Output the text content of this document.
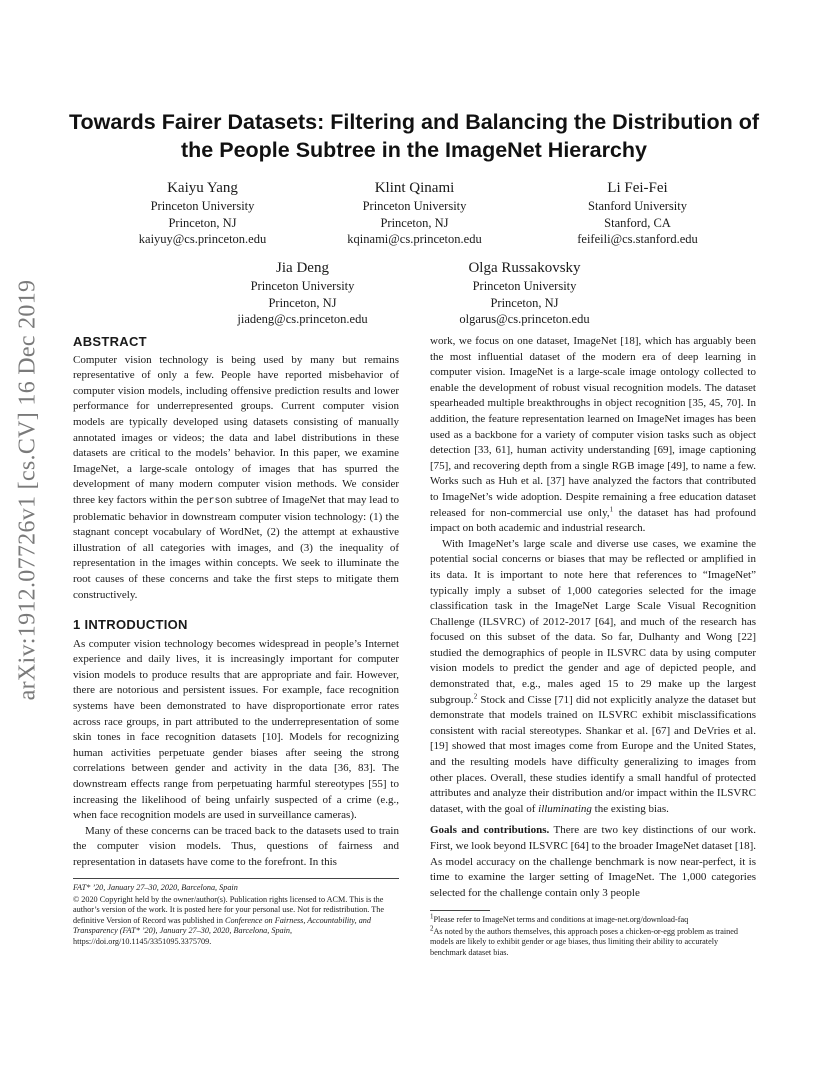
arXiv:1912.07726v1 [cs.CV] 16 Dec 2019
Towards Fairer Datasets: Filtering and Balancing the Distribution of the People Subtree in the ImageNet Hierarchy
Kaiyu Yang
Princeton University
Princeton, NJ
kaiyuy@cs.princeton.edu
Klint Qinami
Princeton University
Princeton, NJ
kqinami@cs.princeton.edu
Li Fei-Fei
Stanford University
Stanford, CA
feifeili@cs.stanford.edu
Jia Deng
Princeton University
Princeton, NJ
jiadeng@cs.princeton.edu
Olga Russakovsky
Princeton University
Princeton, NJ
olgarus@cs.princeton.edu
ABSTRACT

Computer vision technology is being used by many but remains representative of only a few. People have reported misbehavior of computer vision models, including offensive prediction results and lower performance for underrepresented groups. Current computer vision models are typically developed using datasets consisting of manually annotated images or videos; the data and label distributions in these datasets are critical to the models’ behavior. In this paper, we examine ImageNet, a large-scale ontology of images that has spurred the development of many modern computer vision methods. We consider three key factors within the person subtree of ImageNet that may lead to problematic behavior in downstream computer vision technology: (1) the stagnant concept vocabulary of WordNet, (2) the attempt at exhaustive illustration of all categories with images, and (3) the inequality of representation in the images within concepts. We seek to illuminate the root causes of these concerns and take the first steps to mitigate them constructively.

1 INTRODUCTION

As computer vision technology becomes widespread in people’s Internet experience and daily lives, it is increasingly important for computer vision models to produce results that are appropriate and fair. However, there are notorious and persistent issues. For example, face recognition systems have been demonstrated to have disproportionate error rates across race groups, in part attributed to the underrepresentation of some skin tones in face recognition datasets [10]. Models for recognizing human activities perpetuate gender biases after seeing the strong correlations between gender and activity in the data [36, 83]. The downstream effects range from perpetuating harmful stereotypes [55] to increasing the likelihood of being unfairly suspected of a crime (e.g., when face recognition models are used in surveillance cameras).

Many of these concerns can be traced back to the datasets used to train the computer vision models. Thus, questions of fairness and representation in datasets have come to the forefront. In this

FAT* ’20, January 27–30, 2020, Barcelona, Spain

© 2020 Copyright held by the owner/author(s). Publication rights licensed to ACM. This is the author’s version of the work. It is posted here for your personal use. Not for redistribution. The definitive Version of Record was published in Conference on Fairness, Accountability, and Transparency (FAT* ’20), January 27–30, 2020, Barcelona, Spain, https://doi.org/10.1145/3351095.3375709.

work, we focus on one dataset, ImageNet [18], which has arguably been the most influential dataset of the modern era of deep learning in computer vision. ImageNet is a large-scale image ontology collected to enable the development of robust visual recognition models. The dataset spearheaded multiple breakthroughs in object recognition [35, 45, 70]. In addition, the feature representation learned on ImageNet images has been used as a backbone for a variety of computer vision tasks such as object detection [33, 61], human activity understanding [69], image captioning [75], and recovering depth from a single RGB image [49], to name a few. Works such as Huh et al. [37] have analyzed the factors that contributed to ImageNet’s wide adoption. Despite remaining a free education dataset released for non-commercial use only,$^1$ the dataset has had profound impact on both academic and industrial research.

With ImageNet’s large scale and diverse use cases, we examine the potential social concerns or biases that may be reflected or amplified in its data. It is important to note here that references to “ImageNet” typically imply a subset of 1,000 categories selected for the image classification task in the ImageNet Large Scale Visual Recognition Challenge (ILSVRC) of 2012-2017 [64], and much of the research has focused on this subset of the data. So far, Dulhanty and Wong [22] studied the demographics of people in ILSVRC data by using computer vision models to predict the gender and age of depicted people, and demonstrated that, e.g., males aged 15 to 29 make up the largest subgroup.$^2$ Stock and Cisse [71] did not explicitly analyze the dataset but demonstrate that models trained on ILSVRC exhibit misclassifications consistent with racial stereotypes. Shankar et al. [67] and DeVries et al. [19] showed that most images come from Europe and the United States, and the resulting models have difficulty generalizing to images from other places. Overall, these studies identify a small handful of protected attributes and analyze their distribution and/or impact within the ILSVRC dataset, with the goal of illuminating the existing bias.

Goals and contributions. There are two key distinctions of our work. First, we look beyond ILSVRC [64] to the broader ImageNet dataset [18]. As model accuracy on the challenge benchmark is now near-perfect, it is time to examine the larger setting of ImageNet. The 1,000 categories selected for the challenge contain only 3 people

$^1$Please refer to ImageNet terms and conditions at image-net.org/download-faq

$^2$As noted by the authors themselves, this approach poses a chicken-or-egg problem as trained models are likely to exhibit gender or age biases, thus limiting their ability to accurately benchmark dataset bias.
